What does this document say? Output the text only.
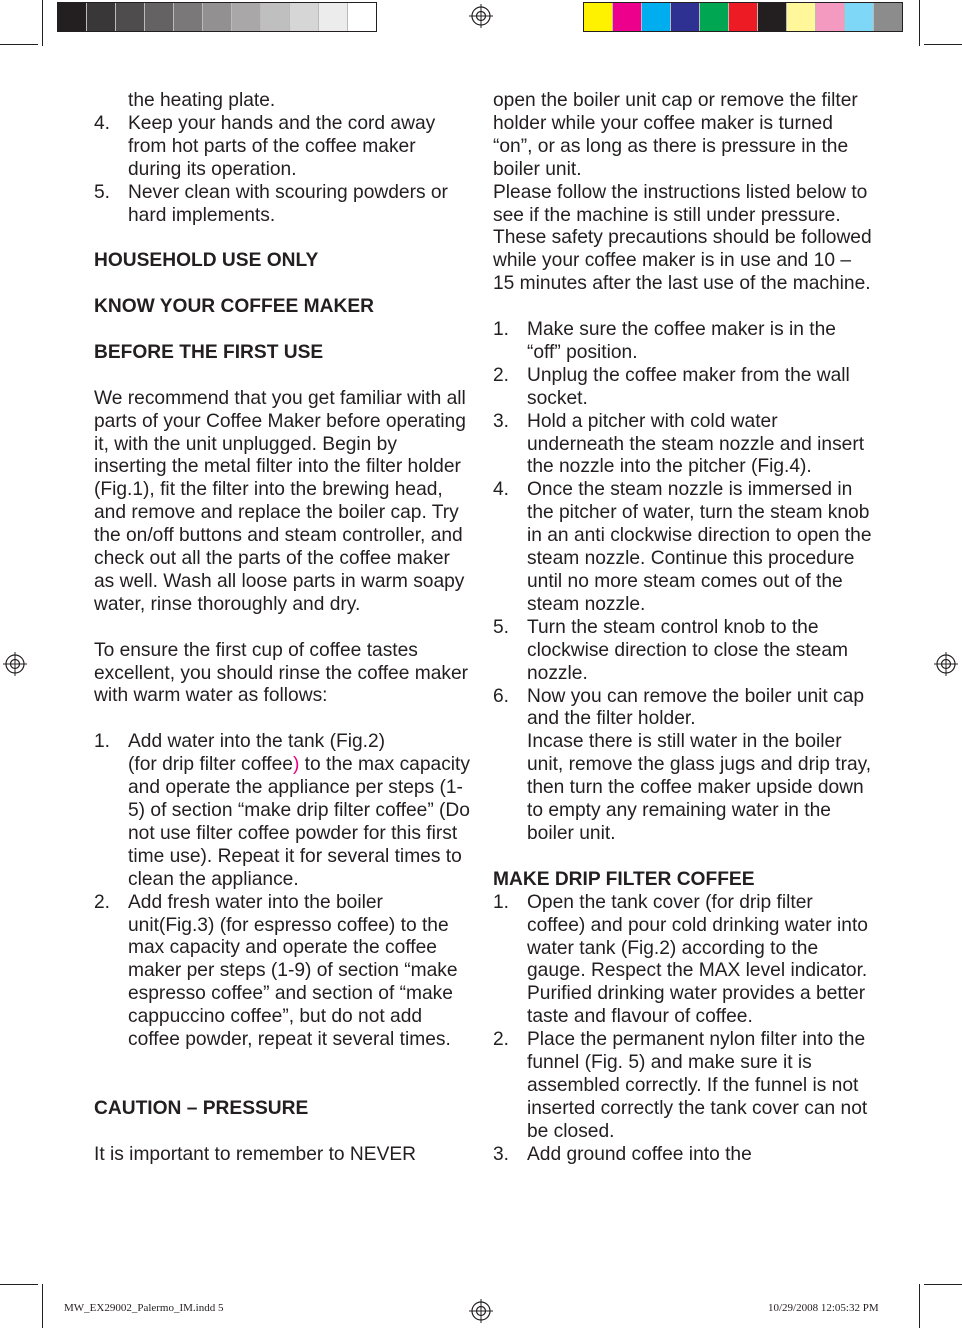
the heating plate.

4. Keep your hands and the cord away from hot parts of the coffee maker during its operation.
5. Never clean with scouring powders or hard implements.

HOUSEHOLD USE ONLY

KNOW YOUR COFFEE MAKER

BEFORE THE FIRST USE

We recommend that you get familiar with all parts of your Coffee Maker before operating it, with the unit unplugged. Begin by inserting the metal filter into the filter holder (Fig.1), fit the filter into the brewing head, and remove and replace the boiler cap. Try the on/off buttons and steam controller, and check out all the parts of the coffee maker as well. Wash all loose parts in warm soapy water, rinse thoroughly and dry.

To ensure the first cup of coffee tastes excellent, you should rinse the coffee maker with warm water as follows:

1. Add water into the tank (Fig.2)
(for drip filter coffee) to the max capacity and operate the appliance per steps (1-5) of section “make drip filter coffee” (Do not use filter coffee powder for this first time use). Repeat it for several times to clean the appliance.
2. Add fresh water into the boiler unit(Fig.3) (for espresso coffee) to the max capacity and operate the coffee maker per steps (1-9) of section “make espresso coffee” and section of “make cappuccino coffee”, but do not add coffee powder, repeat it several times.

CAUTION – PRESSURE

It is important to remember to NEVER

open the boiler unit cap or remove the filter holder while your coffee maker is turned “on”, or as long as there is pressure in the boiler unit.

Please follow the instructions listed below to see if the machine is still under pressure. These safety precautions should be followed while your coffee maker is in use and 10 – 15 minutes after the last use of the machine.

1. Make sure the coffee maker is in the “off” position.
2. Unplug the coffee maker from the wall socket.
3. Hold a pitcher with cold water underneath the steam nozzle and insert the nozzle into the pitcher (Fig.4).
4. Once the steam nozzle is immersed in the pitcher of water, turn the steam knob in an anti clockwise direction to open the steam nozzle. Continue this procedure until no more steam comes out of the steam nozzle.
5. Turn the steam control knob to the clockwise direction to close the steam nozzle.
6. Now you can remove the boiler unit cap and the filter holder.

Incase there is still water in the boiler unit, remove the glass jugs and drip tray, then turn the coffee maker upside down to empty any remaining water in the boiler unit.

MAKE DRIP FILTER COFFEE

1. Open the tank cover (for drip filter coffee) and pour cold drinking water into water tank (Fig.2) according to the gauge. Respect the MAX level indicator. Purified drinking water provides a better taste and flavour of coffee.
2. Place the permanent nylon filter into the funnel (Fig. 5) and make sure it is assembled correctly. If the funnel is not inserted correctly the tank cover can not be closed.
3. Add ground coffee into the
MW_EX29002_Palermo_IM.indd 5	10/29/2008 12:05:32 PM
